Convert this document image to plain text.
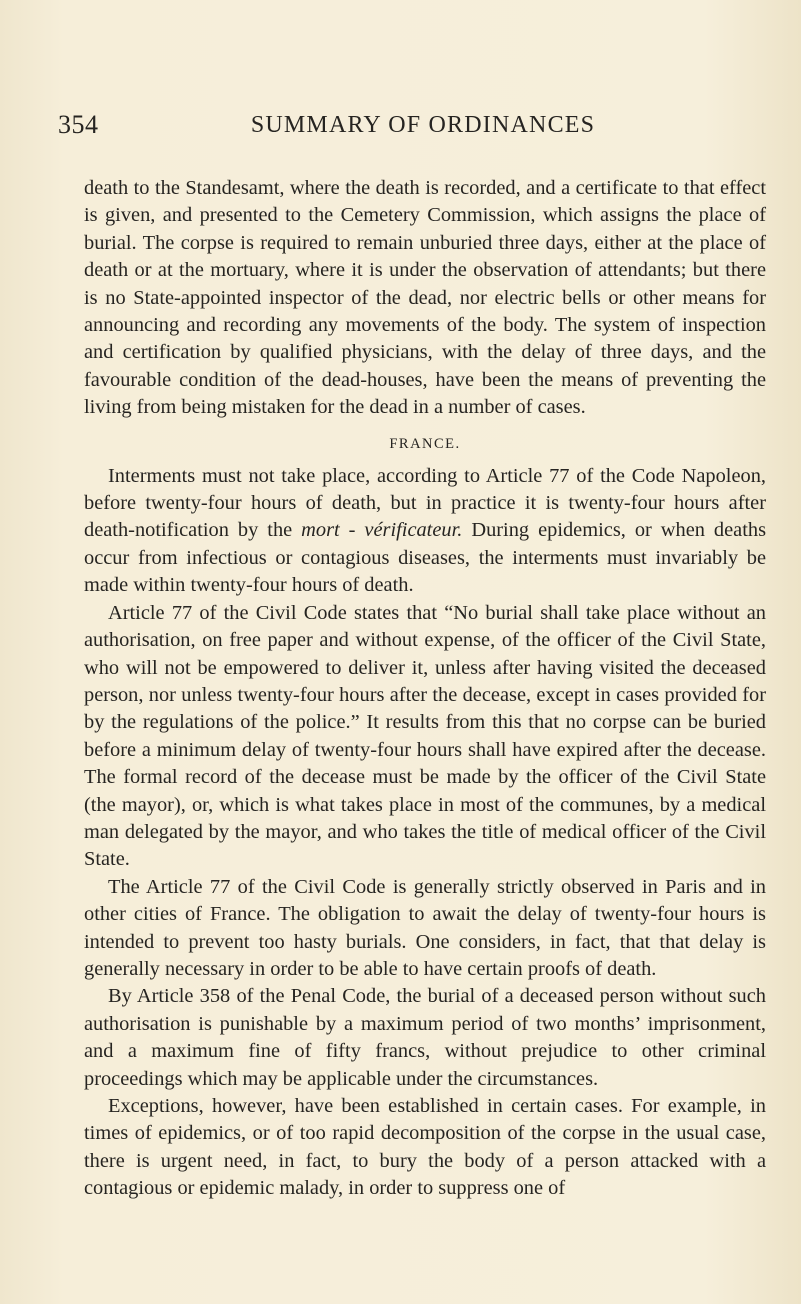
354	SUMMARY OF ORDINANCES

death to the Standesamt, where the death is recorded, and a certificate to that effect is given, and presented to the Cemetery Commission, which assigns the place of burial. The corpse is required to remain unburied three days, either at the place of death or at the mortuary, where it is under the observation of attendants; but there is no State-appointed inspector of the dead, nor electric bells or other means for announcing and recording any movements of the body. The system of inspection and certification by qualified physicians, with the delay of three days, and the favourable condition of the dead-houses, have been the means of preventing the living from being mistaken for the dead in a number of cases.

FRANCE.

Interments must not take place, according to Article 77 of the Code Napoleon, before twenty-four hours of death, but in practice it is twenty-four hours after death-notification by the mort - vérificateur. During epidemics, or when deaths occur from infectious or contagious diseases, the interments must invariably be made within twenty-four hours of death.

Article 77 of the Civil Code states that “No burial shall take place without an authorisation, on free paper and without expense, of the officer of the Civil State, who will not be empowered to deliver it, unless after having visited the deceased person, nor unless twenty-four hours after the decease, except in cases provided for by the regulations of the police.” It results from this that no corpse can be buried before a minimum delay of twenty-four hours shall have expired after the decease. The formal record of the decease must be made by the officer of the Civil State (the mayor), or, which is what takes place in most of the communes, by a medical man delegated by the mayor, and who takes the title of medical officer of the Civil State.

The Article 77 of the Civil Code is generally strictly observed in Paris and in other cities of France. The obligation to await the delay of twenty-four hours is intended to prevent too hasty burials. One considers, in fact, that that delay is generally necessary in order to be able to have certain proofs of death.

By Article 358 of the Penal Code, the burial of a deceased person without such authorisation is punishable by a maximum period of two months’ imprisonment, and a maximum fine of fifty francs, without prejudice to other criminal proceedings which may be applicable under the circumstances.

Exceptions, however, have been established in certain cases. For example, in times of epidemics, or of too rapid decomposition of the corpse in the usual case, there is urgent need, in fact, to bury the body of a person attacked with a contagious or epidemic malady, in order to suppress one of
